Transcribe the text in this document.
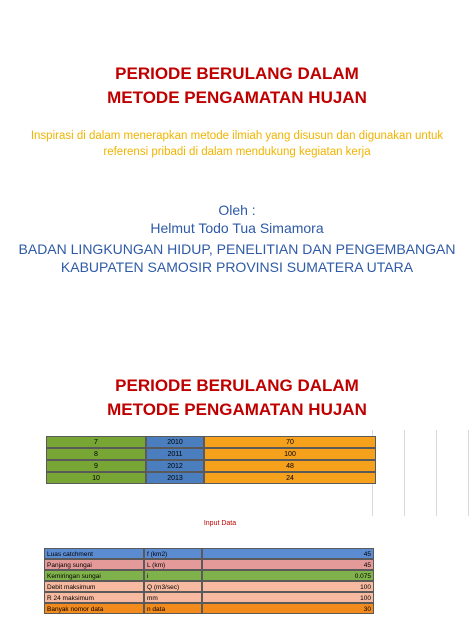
PERIODE BERULANG DALAM
METODE PENGAMATAN HUJAN
Inspirasi di dalam menerapkan metode ilmiah yang disusun dan digunakan untuk
referensi pribadi di dalam mendukung kegiatan kerja
Oleh :
Helmut Todo Tua Simamora
BADAN LINGKUNGAN HIDUP, PENELITIAN DAN PENGEMBANGAN
KABUPATEN SAMOSIR PROVINSI SUMATERA UTARA
PERIODE BERULANG DALAM
METODE PENGAMATAN HUJAN
7	2010	70
8	2011	100
9	2012	48
10	2013	24
Input Data
Luas catchment	f (km2)	45
Panjang sungai	L (km)	45
Kemiringan sungai	i	0.075
Debit maksimum	Q (m3/sec)	100
R 24 maksimum	mm	100
Banyak nomor data	n data	30
